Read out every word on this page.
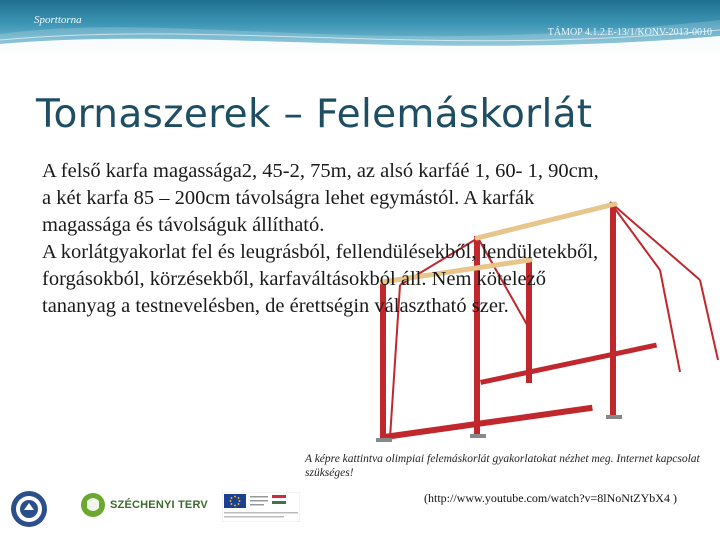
Sporttorna
TÁMOP 4.1.2.E-13/1/KONV-2013-0010
Tornaszerek – Felemáskorlát

A felső karfa magassága2, 45-2, 75m, az alsó karfáé 1, 60- 1, 90cm, a két karfa 85 – 200cm távolságra lehet egymástól. A karfák magassága és távolságuk állítható.

A korlátgyakorlat fel és leugrásból, fellendülésekből, lendületekből, forgásokból, körzésekből, karfaváltásokból áll. Nem kötelező tananyag a testnevelésben, de érettségin választható szer.

A képre kattintva olimpiai felemáskorlát gyakorlatokat nézhet meg. Internet kapcsolat szükséges!
(http://www.youtube.com/watch?v=8lNoNtZYbX4 )
SZÉCHENYI TERV
